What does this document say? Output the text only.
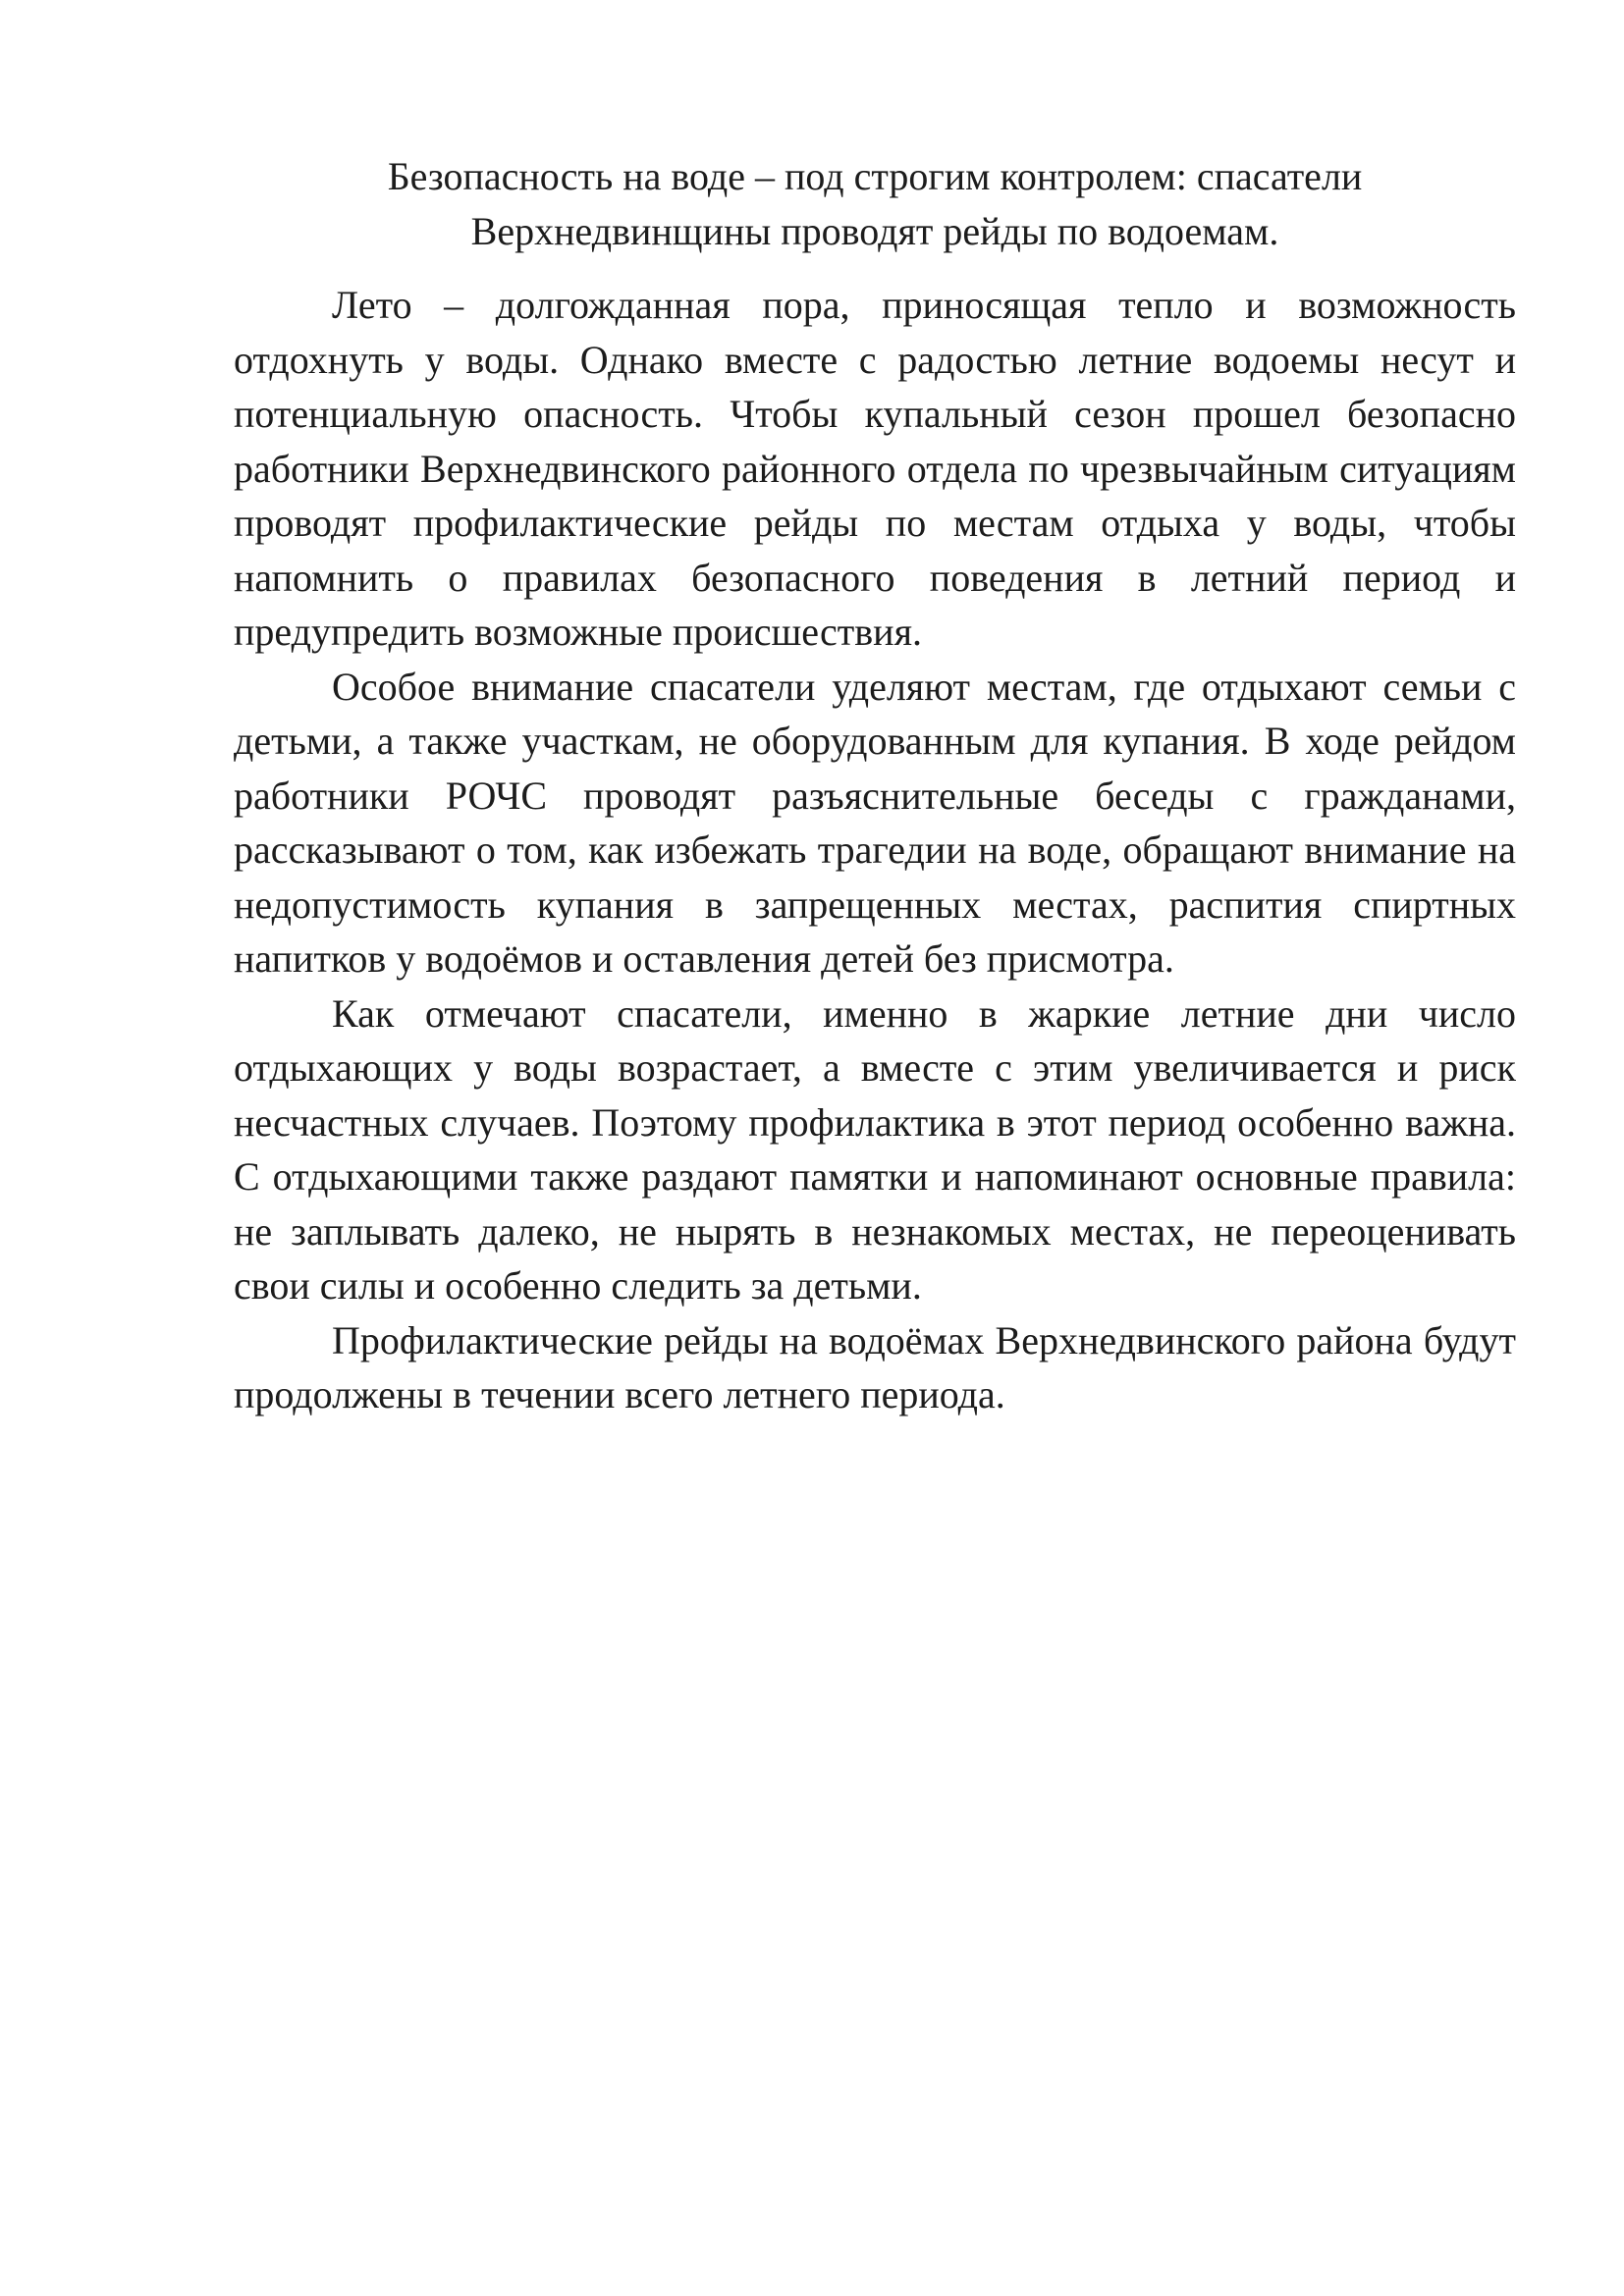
Безопасность на воде – под строгим контролем: спасатели Верхнедвинщины проводят рейды по водоемам.

Лето – долгожданная пора, приносящая тепло и возможность отдохнуть у воды. Однако вместе с радостью летние водоемы несут и потенциальную опасность. Чтобы купальный сезон прошел безопасно работники Верхнедвинского районного отдела по чрезвычайным ситуациям проводят профилактические рейды по местам отдыха у воды, чтобы напомнить о правилах безопасного поведения в летний период и предупредить возможные происшествия.

Особое внимание спасатели уделяют местам, где отдыхают семьи с детьми, а также участкам, не оборудованным для купания. В ходе рейдом работники РОЧС проводят разъяснительные беседы с гражданами, рассказывают о том, как избежать трагедии на воде, обращают внимание на недопустимость купания в запрещенных местах, распития спиртных напитков у водоёмов и оставления детей без присмотра.

Как отмечают спасатели, именно в жаркие летние дни число отдыхающих у воды возрастает, а вместе с этим увеличивается и риск несчастных случаев. Поэтому профилактика в этот период особенно важна. С отдыхающими также раздают памятки и напоминают основные правила: не заплывать далеко, не нырять в незнакомых местах, не переоценивать свои силы и особенно следить за детьми.

Профилактические рейды на водоёмах Верхнедвинского района будут продолжены в течении всего летнего периода.
